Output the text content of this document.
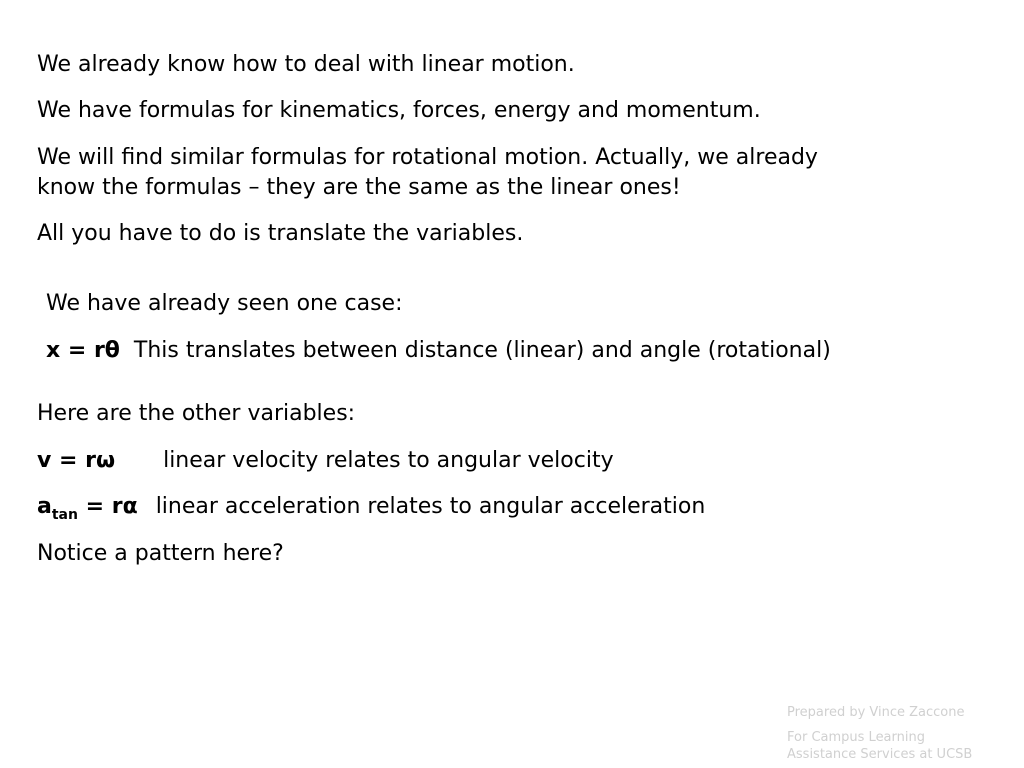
We already know how to deal with linear motion.
We have formulas for kinematics, forces, energy and momentum.
We will find similar formulas for rotational motion. Actually, we already
know the formulas – they are the same as the linear ones!
All you have to do is translate the variables.
We have already seen one case:
x = rθ This translates between distance (linear) and angle (rotational)
Here are the other variables:
v = rω linear velocity relates to angular velocity
$a_{tan} = r\alpha$ linear acceleration relates to angular acceleration
Notice a pattern here?
Prepared by Vince Zaccone
For Campus Learning
Assistance Services at UCSB
